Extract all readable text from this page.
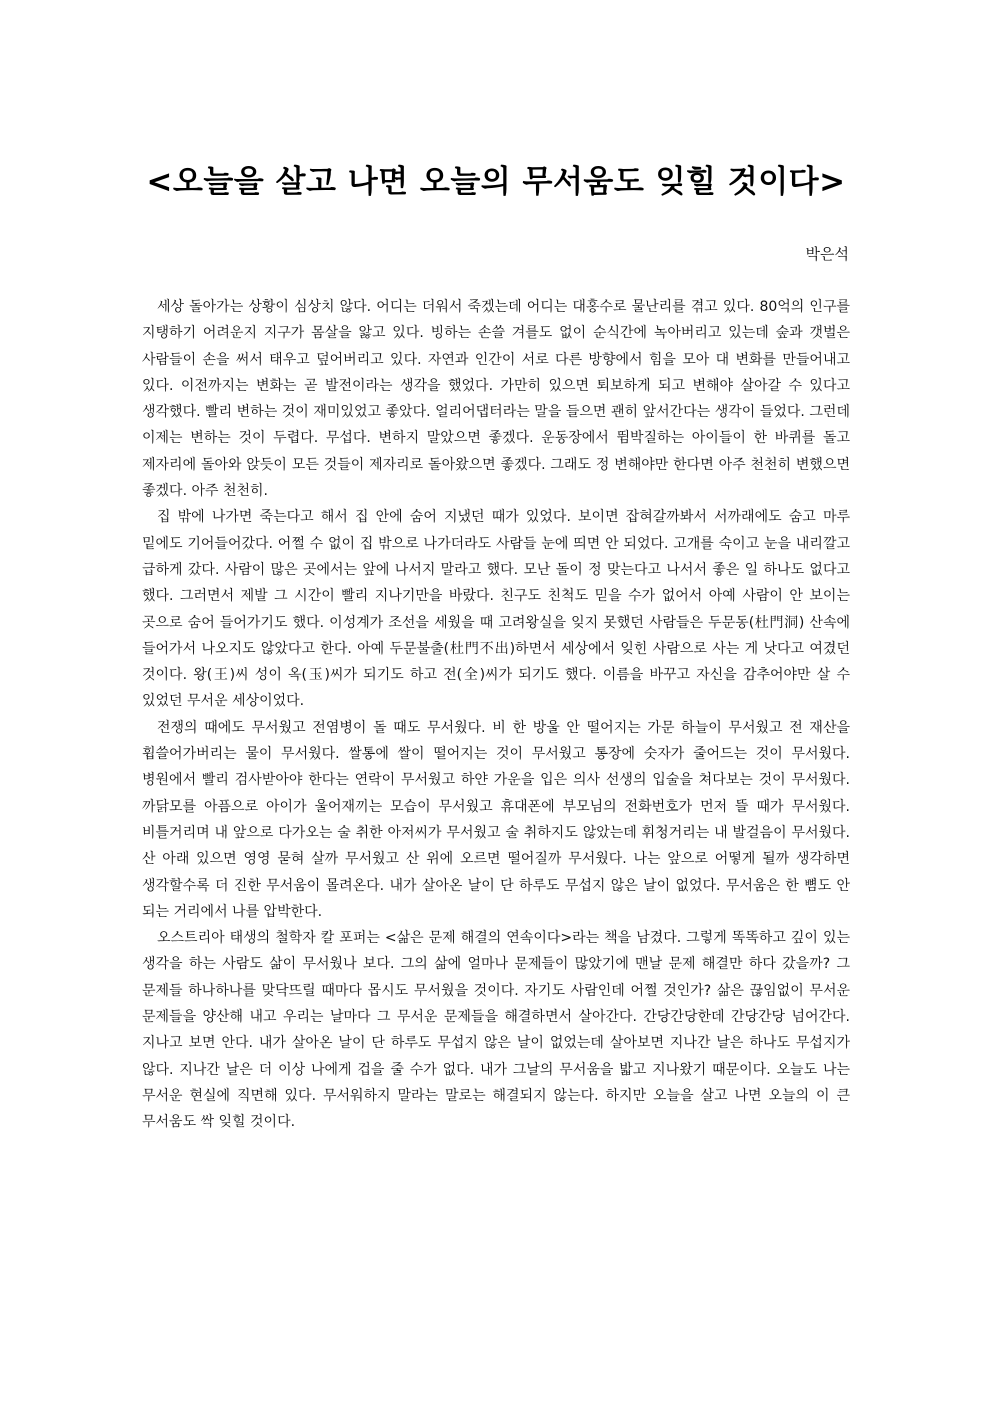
<오늘을 살고 나면 오늘의 무서움도 잊힐 것이다>
박은석

세상 돌아가는 상황이 심상치 않다. 어디는 더워서 죽겠는데 어디는 대홍수로 물난리를 겪고 있다. 80억의 인구를 지탱하기 어려운지 지구가 몸살을 앓고 있다. 빙하는 손쓸 겨를도 없이 순식간에 녹아버리고 있는데 숲과 갯벌은 사람들이 손을 써서 태우고 덮어버리고 있다. 자연과 인간이 서로 다른 방향에서 힘을 모아 대 변화를 만들어내고 있다. 이전까지는 변화는 곧 발전이라는 생각을 했었다. 가만히 있으면 퇴보하게 되고 변해야 살아갈 수 있다고 생각했다. 빨리 변하는 것이 재미있었고 좋았다. 얼리어댑터라는 말을 들으면 괜히 앞서간다는 생각이 들었다. 그런데 이제는 변하는 것이 두렵다. 무섭다. 변하지 말았으면 좋겠다. 운동장에서 뜀박질하는 아이들이 한 바퀴를 돌고 제자리에 돌아와 앉듯이 모든 것들이 제자리로 돌아왔으면 좋겠다. 그래도 정 변해야만 한다면 아주 천천히 변했으면 좋겠다. 아주 천천히.

집 밖에 나가면 죽는다고 해서 집 안에 숨어 지냈던 때가 있었다. 보이면 잡혀갈까봐서 서까래에도 숨고 마루 밑에도 기어들어갔다. 어쩔 수 없이 집 밖으로 나가더라도 사람들 눈에 띄면 안 되었다. 고개를 숙이고 눈을 내리깔고 급하게 갔다. 사람이 많은 곳에서는 앞에 나서지 말라고 했다. 모난 돌이 정 맞는다고 나서서 좋은 일 하나도 없다고 했다. 그러면서 제발 그 시간이 빨리 지나기만을 바랐다. 친구도 친척도 믿을 수가 없어서 아예 사람이 안 보이는 곳으로 숨어 들어가기도 했다. 이성계가 조선을 세웠을 때 고려왕실을 잊지 못했던 사람들은 두문동(杜門洞) 산속에 들어가서 나오지도 않았다고 한다. 아예 두문불출(杜門不出)하면서 세상에서 잊힌 사람으로 사는 게 낫다고 여겼던 것이다. 왕(王)씨 성이 옥(玉)씨가 되기도 하고 전(全)씨가 되기도 했다. 이름을 바꾸고 자신을 감추어야만 살 수 있었던 무서운 세상이었다.

전쟁의 때에도 무서웠고 전염병이 돌 때도 무서웠다. 비 한 방울 안 떨어지는 가문 하늘이 무서웠고 전 재산을 휩쓸어가버리는 물이 무서웠다. 쌀통에 쌀이 떨어지는 것이 무서웠고 통장에 숫자가 줄어드는 것이 무서웠다. 병원에서 빨리 검사받아야 한다는 연락이 무서웠고 하얀 가운을 입은 의사 선생의 입술을 쳐다보는 것이 무서웠다. 까닭모를 아픔으로 아이가 울어재끼는 모습이 무서웠고 휴대폰에 부모님의 전화번호가 먼저 뜰 때가 무서웠다. 비틀거리며 내 앞으로 다가오는 술 취한 아저씨가 무서웠고 술 취하지도 않았는데 휘청거리는 내 발걸음이 무서웠다. 산 아래 있으면 영영 묻혀 살까 무서웠고 산 위에 오르면 떨어질까 무서웠다. 나는 앞으로 어떻게 될까 생각하면 생각할수록 더 진한 무서움이 몰려온다. 내가 살아온 날이 단 하루도 무섭지 않은 날이 없었다. 무서움은 한 뼘도 안 되는 거리에서 나를 압박한다.

오스트리아 태생의 철학자 칼 포퍼는 <삶은 문제 해결의 연속이다>라는 책을 남겼다. 그렇게 똑똑하고 깊이 있는 생각을 하는 사람도 삶이 무서웠나 보다. 그의 삶에 얼마나 문제들이 많았기에 맨날 문제 해결만 하다 갔을까? 그 문제들 하나하나를 맞닥뜨릴 때마다 몹시도 무서웠을 것이다. 자기도 사람인데 어쩔 것인가? 삶은 끊임없이 무서운 문제들을 양산해 내고 우리는 날마다 그 무서운 문제들을 해결하면서 살아간다. 간당간당한데 간당간당 넘어간다. 지나고 보면 안다. 내가 살아온 날이 단 하루도 무섭지 않은 날이 없었는데 살아보면 지나간 날은 하나도 무섭지가 않다. 지나간 날은 더 이상 나에게 겁을 줄 수가 없다. 내가 그날의 무서움을 밟고 지나왔기 때문이다. 오늘도 나는 무서운 현실에 직면해 있다. 무서워하지 말라는 말로는 해결되지 않는다. 하지만 오늘을 살고 나면 오늘의 이 큰 무서움도 싹 잊힐 것이다.
